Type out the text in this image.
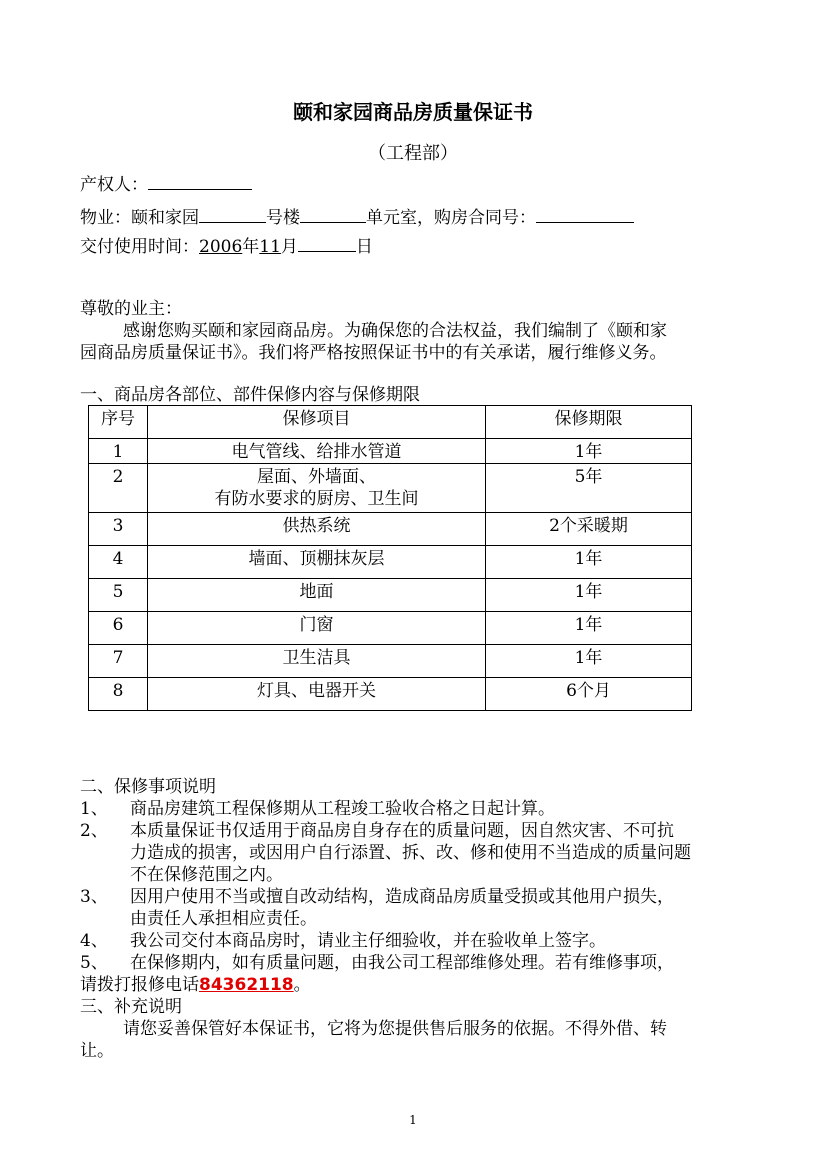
颐和家园商品房质量保证书
（工程部）
产权人：
物业：颐和家园	号楼	单元室，购房合同号：
交付使用时间：2006年11月	日
尊敬的业主：
感谢您购买颐和家园商品房。为确保您的合法权益，我们编制了《颐和家
园商品房质量保证书》。我们将严格按照保证书中的有关承诺，履行维修义务。
一、商品房各部位、部件保修内容与保修期限
序号	保修项目	保修期限
1	电气管线、给排水管道	1年
2	屋面、外墙面、
有防水要求的厨房、卫生间	5年
3	供热系统	2个采暖期
4	墙面、顶棚抹灰层	1年
5	地面	1年
6	门窗	1年
7	卫生洁具	1年
8	灯具、电器开关	6个月
二、保修事项说明
1、 商品房建筑工程保修期从工程竣工验收合格之日起计算。
2、 本质量保证书仅适用于商品房自身存在的质量问题，因自然灾害、不可抗
力造成的损害，或因用户自行添置、拆、改、修和使用不当造成的质量问题
不在保修范围之内。
3、 因用户使用不当或擅自改动结构，造成商品房质量受损或其他用户损失，
由责任人承担相应责任。
4、 我公司交付本商品房时，请业主仔细验收，并在验收单上签字。
5、 在保修期内，如有质量问题，由我公司工程部维修处理。若有维修事项，
请拨打报修电话84362118。
三、补充说明
请您妥善保管好本保证书，它将为您提供售后服务的依据。不得外借、转
让。
1
